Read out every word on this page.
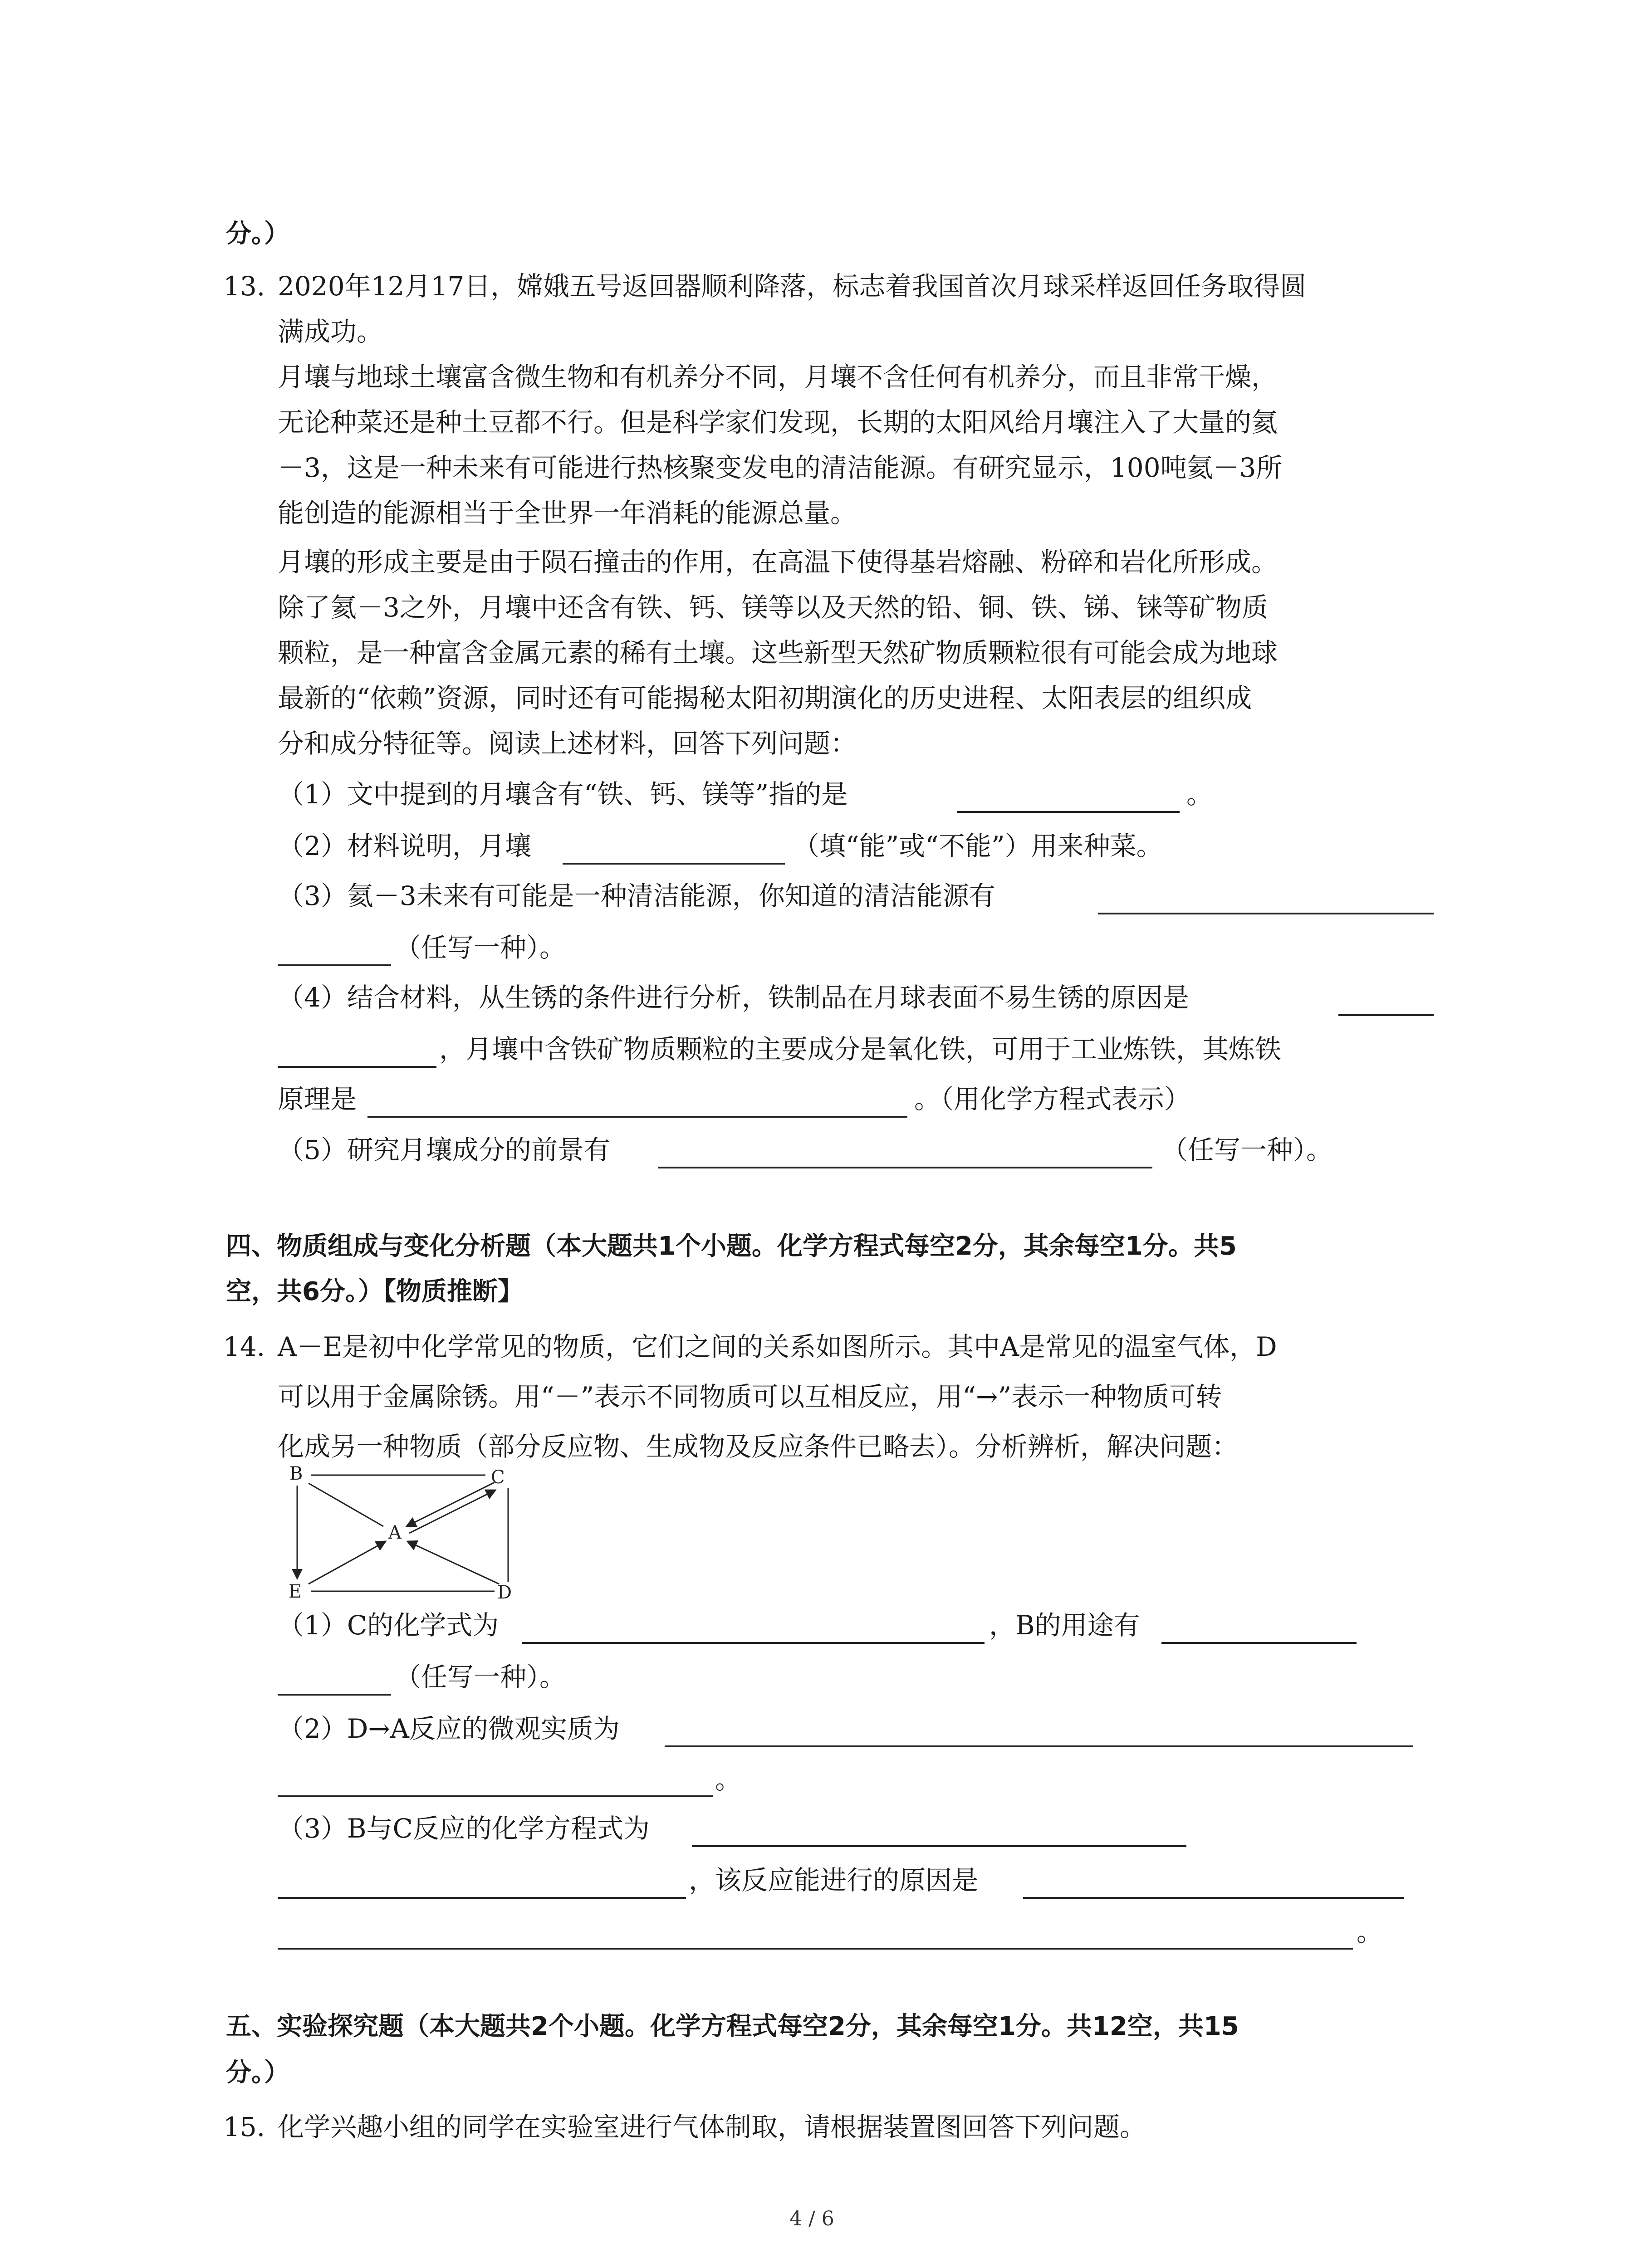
分。）
13. 2020年12月17日，嫦娥五号返回器顺利降落，标志着我国首次月球采样返回任务取得圆
满成功。
月壤与地球土壤富含微生物和有机养分不同，月壤不含任何有机养分，而且非常干燥，
无论种菜还是种土豆都不行。但是科学家们发现，长期的太阳风给月壤注入了大量的氦
－3，这是一种未来有可能进行热核聚变发电的清洁能源。有研究显示，100吨氦－3所
能创造的能源相当于全世界一年消耗的能源总量。
月壤的形成主要是由于陨石撞击的作用，在高温下使得基岩熔融、粉碎和岩化所形成。
除了氦－3之外，月壤中还含有铁、钙、镁等以及天然的铅、铜、铁、锑、铼等矿物质
颗粒，是一种富含金属元素的稀有土壤。这些新型天然矿物质颗粒很有可能会成为地球
最新的“依赖”资源，同时还有可能揭秘太阳初期演化的历史进程、太阳表层的组织成
分和成分特征等。阅读上述材料，回答下列问题：
（1）文中提到的月壤含有“铁、钙、镁等”指的是	。
（2）材料说明，月壤	（填“能”或“不能”）用来种菜。
（3）氦－3未来有可能是一种清洁能源，你知道的清洁能源有
（任写一种）。
（4）结合材料，从生锈的条件进行分析，铁制品在月球表面不易生锈的原因是
，月壤中含铁矿物质颗粒的主要成分是氧化铁，可用于工业炼铁，其炼铁
原理是	。（用化学方程式表示）
（5）研究月壤成分的前景有	（任写一种）。
四、物质组成与变化分析题（本大题共1个小题。化学方程式每空2分，其余每空1分。共5
空，共6分。）【物质推断】
14. A－E是初中化学常见的物质，它们之间的关系如图所示。其中A是常见的温室气体，D
可以用于金属除锈。用“－”表示不同物质可以互相反应，用“→”表示一种物质可转
化成另一种物质（部分反应物、生成物及反应条件已略去）。分析辨析，解决问题：
B	C
A
E	D
（1）C的化学式为	，B的用途有
（任写一种）。
（2）D→A反应的微观实质为
。
（3）B与C反应的化学方程式为
，该反应能进行的原因是
。
五、实验探究题（本大题共2个小题。化学方程式每空2分，其余每空1分。共12空，共15
分。）
15. 化学兴趣小组的同学在实验室进行气体制取，请根据装置图回答下列问题。
4 / 6
